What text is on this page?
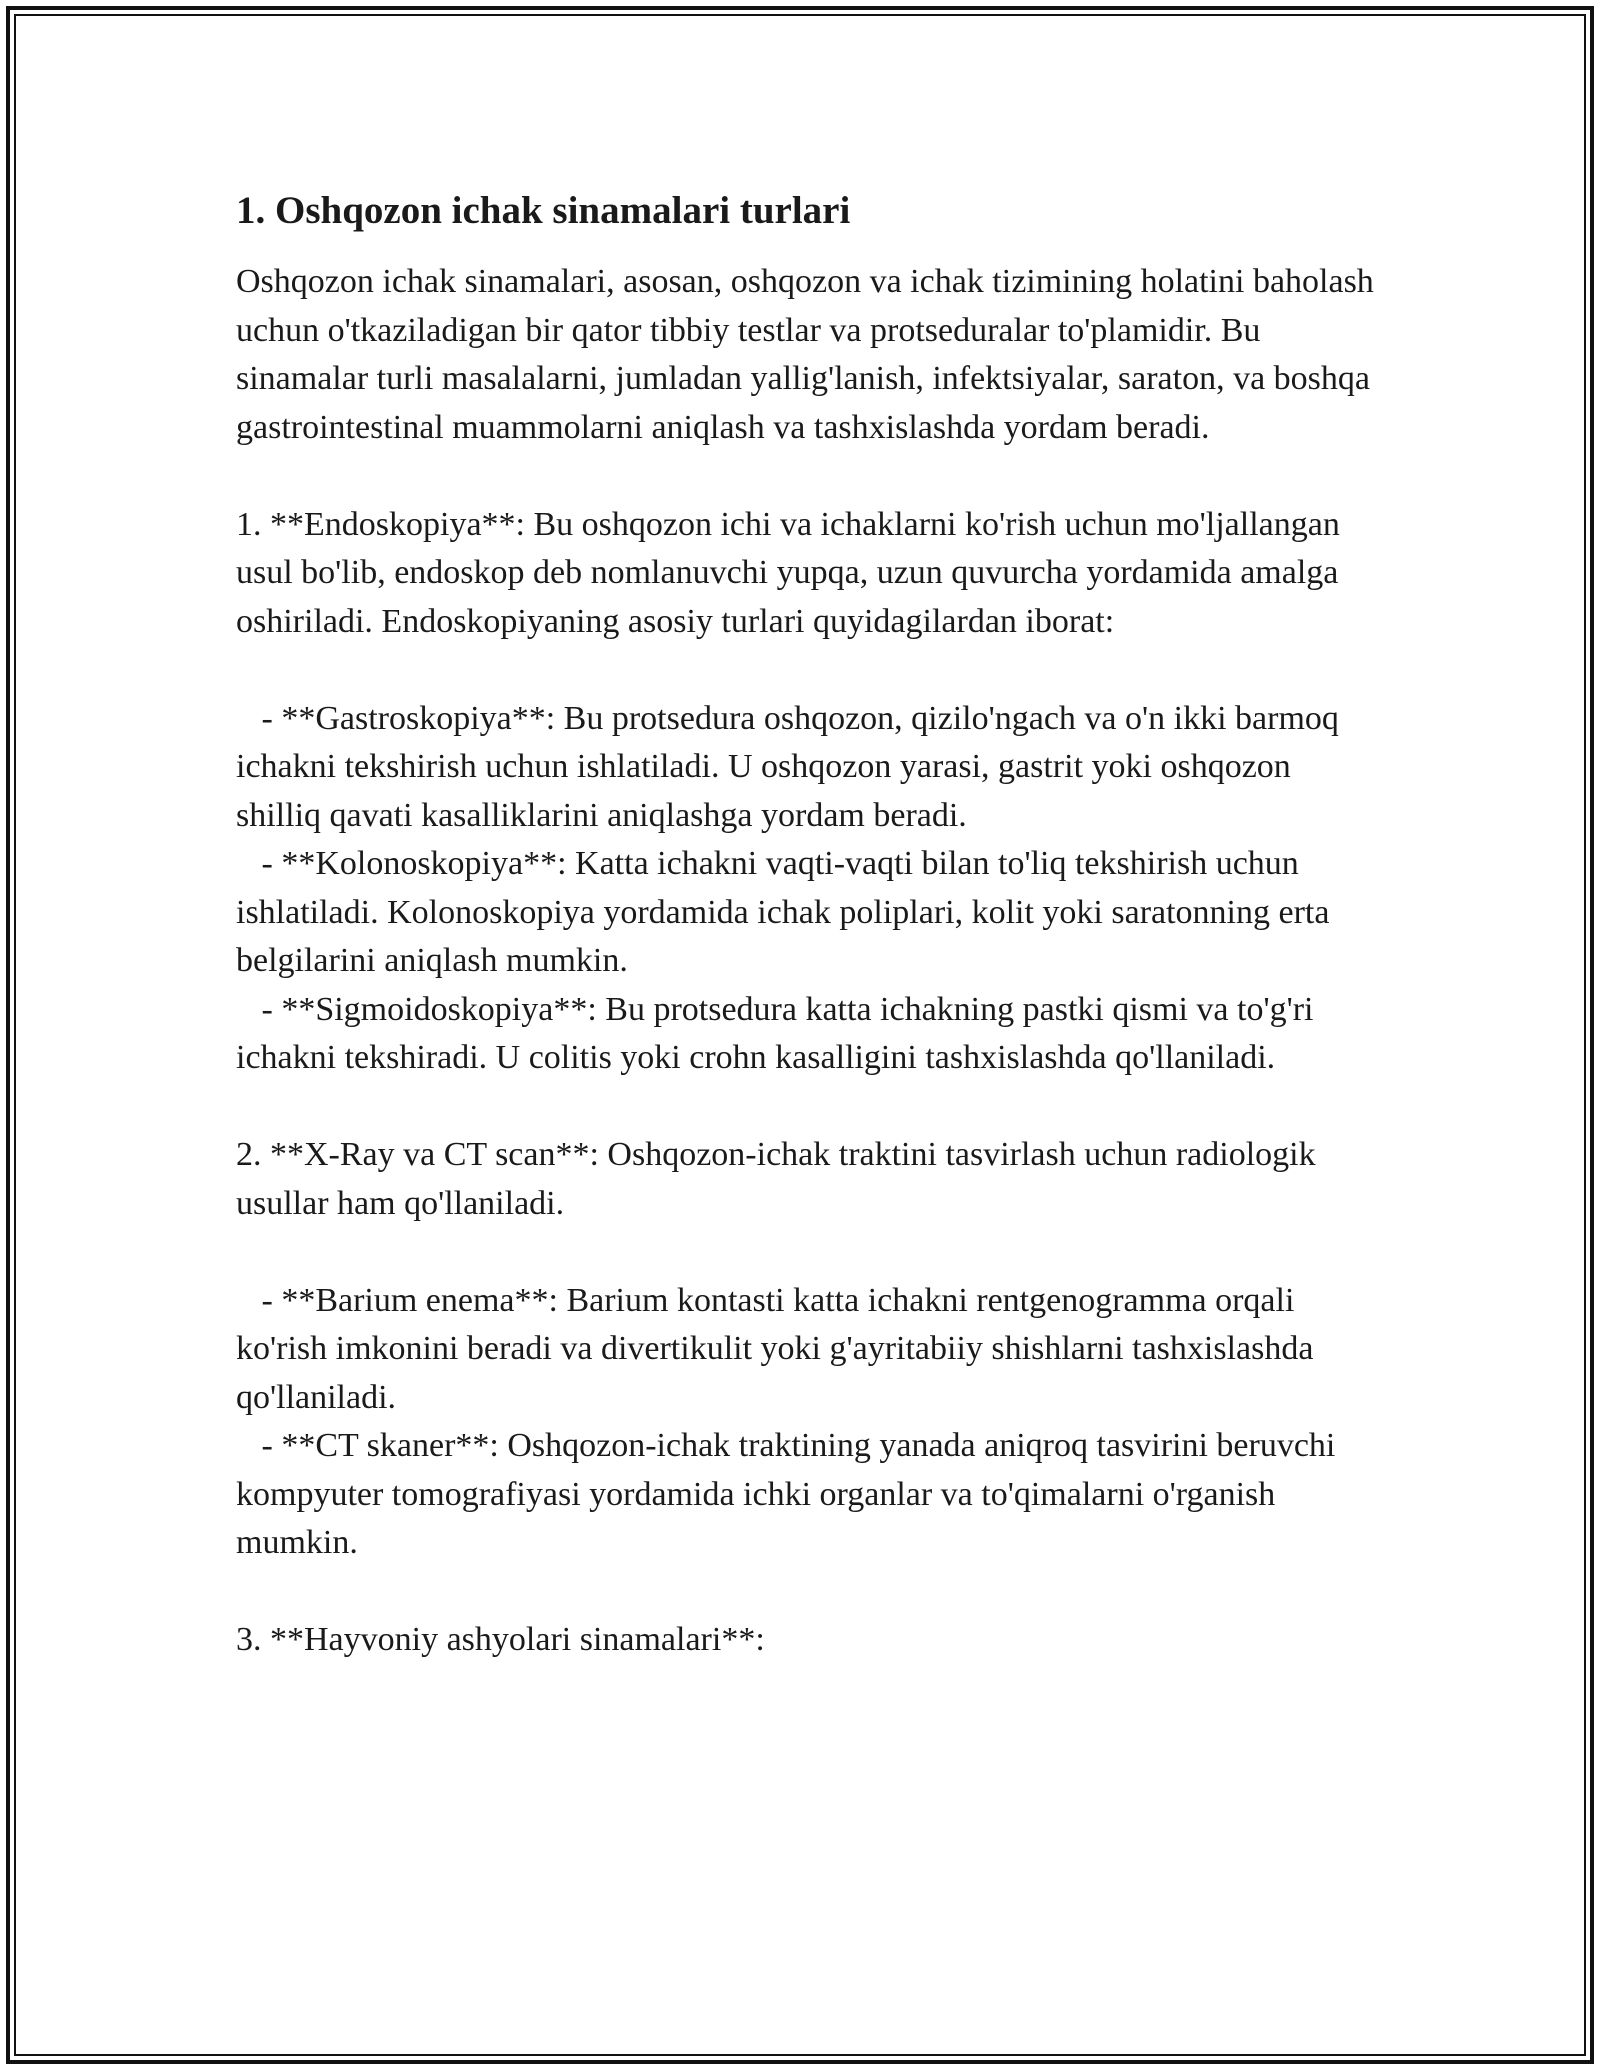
1. Oshqozon ichak sinamalari turlari

Oshqozon ichak sinamalari, asosan, oshqozon va ichak tizimining holatini baholash uchun o'tkaziladigan bir qator tibbiy testlar va protseduralar to'plamidir. Bu sinamalar turli masalalarni, jumladan yallig'lanish, infektsiyalar, saraton, va boshqa gastrointestinal muammolarni aniqlash va tashxislashda yordam beradi.

1. **Endoskopiya**: Bu oshqozon ichi va ichaklarni ko'rish uchun mo'ljallangan usul bo'lib, endoskop deb nomlanuvchi yupqa, uzun quvurcha yordamida amalga oshiriladi. Endoskopiyaning asosiy turlari quyidagilardan iborat:

- **Gastroskopiya**: Bu protsedura oshqozon, qizilo'ngach va o'n ikki barmoq ichakni tekshirish uchun ishlatiladi. U oshqozon yarasi, gastrit yoki oshqozon shilliq qavati kasalliklarini aniqlashga yordam beradi.

- **Kolonoskopiya**: Katta ichakni vaqti-vaqti bilan to'liq tekshirish uchun ishlatiladi. Kolonoskopiya yordamida ichak poliplari, kolit yoki saratonning erta belgilarini aniqlash mumkin.

- **Sigmoidoskopiya**: Bu protsedura katta ichakning pastki qismi va to'g'ri ichakni tekshiradi. U colitis yoki crohn kasalligini tashxislashda qo'llaniladi.

2. **X-Ray va CT scan**: Oshqozon-ichak traktini tasvirlash uchun radiologik usullar ham qo'llaniladi.

- **Barium enema**: Barium kontasti katta ichakni rentgenogramma orqali ko'rish imkonini beradi va divertikulit yoki g'ayritabiiy shishlarni tashxislashda qo'llaniladi.

- **CT skaner**: Oshqozon-ichak traktining yanada aniqroq tasvirini beruvchi kompyuter tomografiyasi yordamida ichki organlar va to'qimalarni o'rganish mumkin.

3. **Hayvoniy ashyolari sinamalari**:
